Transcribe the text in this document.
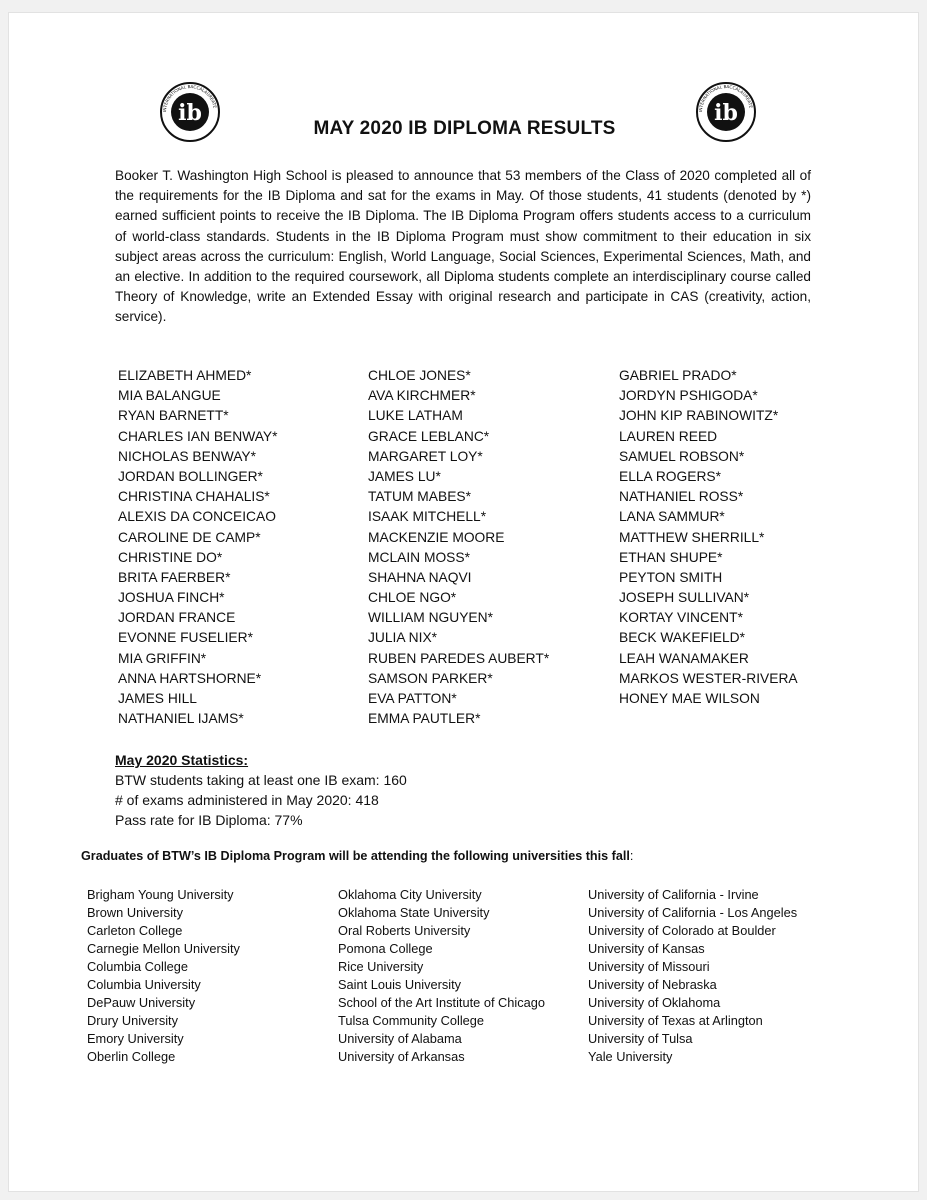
INTERNATIONAL BACCALAUREATE
ib	INTERNATIONAL BACCALAUREATE
ib
MAY 2020 IB DIPLOMA RESULTS

Booker T. Washington High School is pleased to announce that 53 members of the Class of 2020 completed all of the requirements for the IB Diploma and sat for the exams in May. Of those students, 41 students (denoted by *) earned sufficient points to receive the IB Diploma. The IB Diploma Program offers students access to a curriculum of world-class standards. Students in the IB Diploma Program must show commitment to their education in six subject areas across the curriculum: English, World Language, Social Sciences, Experimental Sciences, Math, and an elective. In addition to the required coursework, all Diploma students complete an interdisciplinary course called Theory of Knowledge, write an Extended Essay with original research and participate in CAS (creativity, action, service).

ELIZABETH AHMED*
MIA BALANGUE
RYAN BARNETT*
CHARLES IAN BENWAY*
NICHOLAS BENWAY*
JORDAN BOLLINGER*
CHRISTINA CHAHALIS*
ALEXIS DA CONCEICAO
CAROLINE DE CAMP*
CHRISTINE DO*
BRITA FAERBER*
JOSHUA FINCH*
JORDAN FRANCE
EVONNE FUSELIER*
MIA GRIFFIN*
ANNA HARTSHORNE*
JAMES HILL
NATHANIEL IJAMS*
CHLOE JONES*
AVA KIRCHMER*
LUKE LATHAM
GRACE LEBLANC*
MARGARET LOY*
JAMES LU*
TATUM MABES*
ISAAK MITCHELL*
MACKENZIE MOORE
MCLAIN MOSS*
SHAHNA NAQVI
CHLOE NGO*
WILLIAM NGUYEN*
JULIA NIX*
RUBEN PAREDES AUBERT*
SAMSON PARKER*
EVA PATTON*
EMMA PAUTLER*
GABRIEL PRADO*
JORDYN PSHIGODA*
JOHN KIP RABINOWITZ*
LAUREN REED
SAMUEL ROBSON*
ELLA ROGERS*
NATHANIEL ROSS*
LANA SAMMUR*
MATTHEW SHERRILL*
ETHAN SHUPE*
PEYTON SMITH
JOSEPH SULLIVAN*
KORTAY VINCENT*
BECK WAKEFIELD*
LEAH WANAMAKER
MARKOS WESTER-RIVERA
HONEY MAE WILSON
May 2020 Statistics:
BTW students taking at least one IB exam: 160
# of exams administered in May 2020: 418
Pass rate for IB Diploma: 77%
Graduates of BTW’s IB Diploma Program will be attending the following universities this fall:
Brigham Young University
Brown University
Carleton College
Carnegie Mellon University
Columbia College
Columbia University
DePauw University
Drury University
Emory University
Oberlin College
Oklahoma City University
Oklahoma State University
Oral Roberts University
Pomona College
Rice University
Saint Louis University
School of the Art Institute of Chicago
Tulsa Community College
University of Alabama
University of Arkansas
University of California - Irvine
University of California - Los Angeles
University of Colorado at Boulder
University of Kansas
University of Missouri
University of Nebraska
University of Oklahoma
University of Texas at Arlington
University of Tulsa
Yale University
